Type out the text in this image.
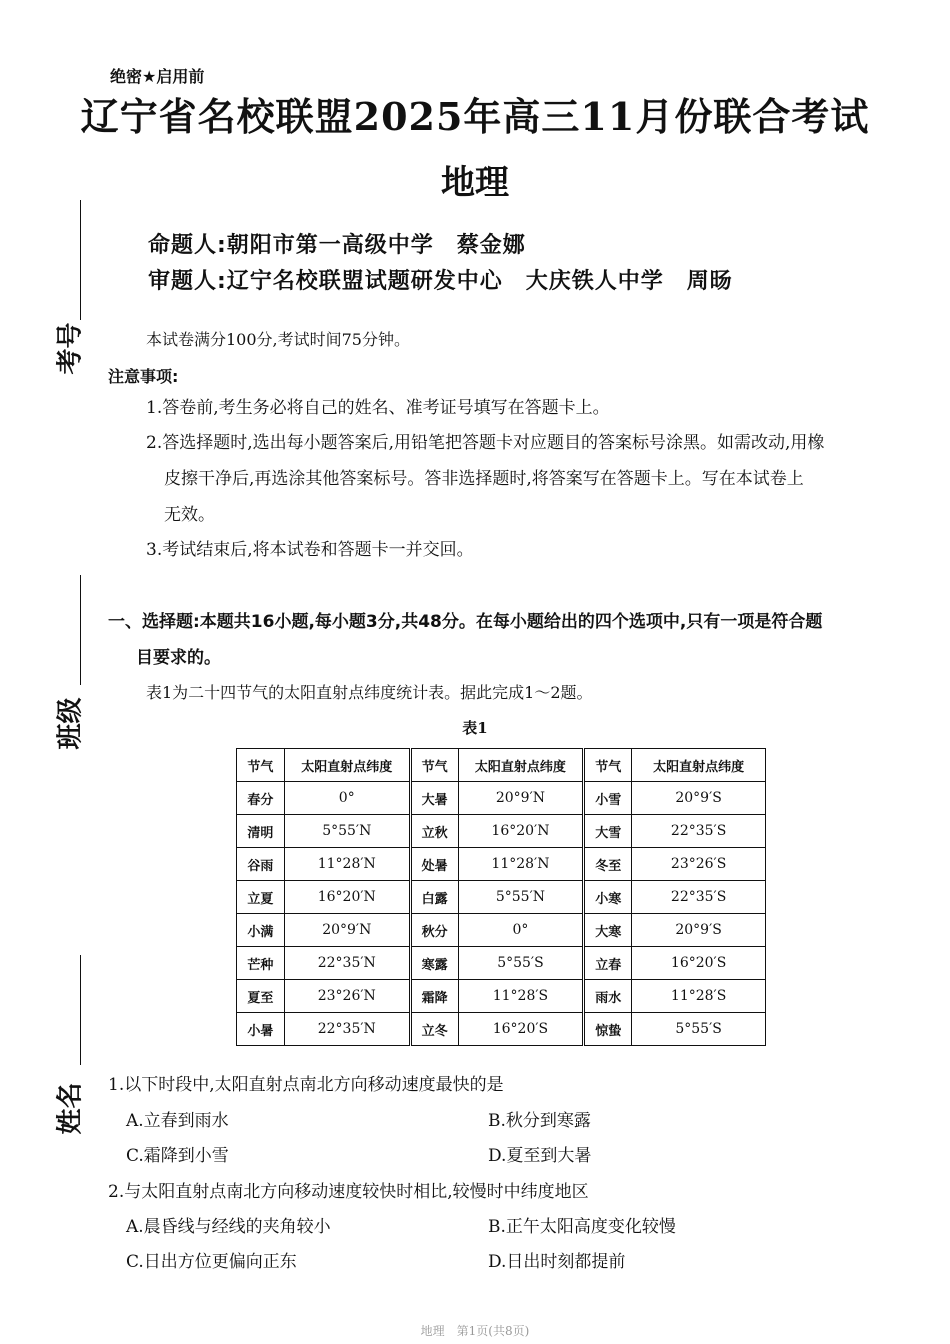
考号
班级
姓名
绝密★启用前
辽宁省名校联盟2025年高三11月份联合考试
地理
命题人:朝阳市第一高级中学　蔡金娜
审题人:辽宁名校联盟试题研发中心　大庆铁人中学　周旸
本试卷满分100分,考试时间75分钟。
注意事项:
1.答卷前,考生务必将自己的姓名、准考证号填写在答题卡上。
2.答选择题时,选出每小题答案后,用铅笔把答题卡对应题目的答案标号涂黑。如需改动,用橡
皮擦干净后,再选涂其他答案标号。答非选择题时,将答案写在答题卡上。写在本试卷上
无效。
3.考试结束后,将本试卷和答题卡一并交回。
一、选择题:本题共16小题,每小题3分,共48分。在每小题给出的四个选项中,只有一项是符合题
目要求的。
表1为二十四节气的太阳直射点纬度统计表。据此完成1～2题。
表1
节气	太阳直射点纬度	节气	太阳直射点纬度	节气	太阳直射点纬度
春分	0°	大暑	20°9′N	小雪	20°9′S
清明	5°55′N	立秋	16°20′N	大雪	22°35′S
谷雨	11°28′N	处暑	11°28′N	冬至	23°26′S
立夏	16°20′N	白露	5°55′N	小寒	22°35′S
小满	20°9′N	秋分	0°	大寒	20°9′S
芒种	22°35′N	寒露	5°55′S	立春	16°20′S
夏至	23°26′N	霜降	11°28′S	雨水	11°28′S
小暑	22°35′N	立冬	16°20′S	惊蛰	5°55′S
1.以下时段中,太阳直射点南北方向移动速度最快的是
A.立春到雨水	B.秋分到寒露
C.霜降到小雪	D.夏至到大暑
2.与太阳直射点南北方向移动速度较快时相比,较慢时中纬度地区
A.晨昏线与经线的夹角较小	B.正午太阳高度变化较慢
C.日出方位更偏向正东	D.日出时刻都提前
地理　第1页(共8页)
